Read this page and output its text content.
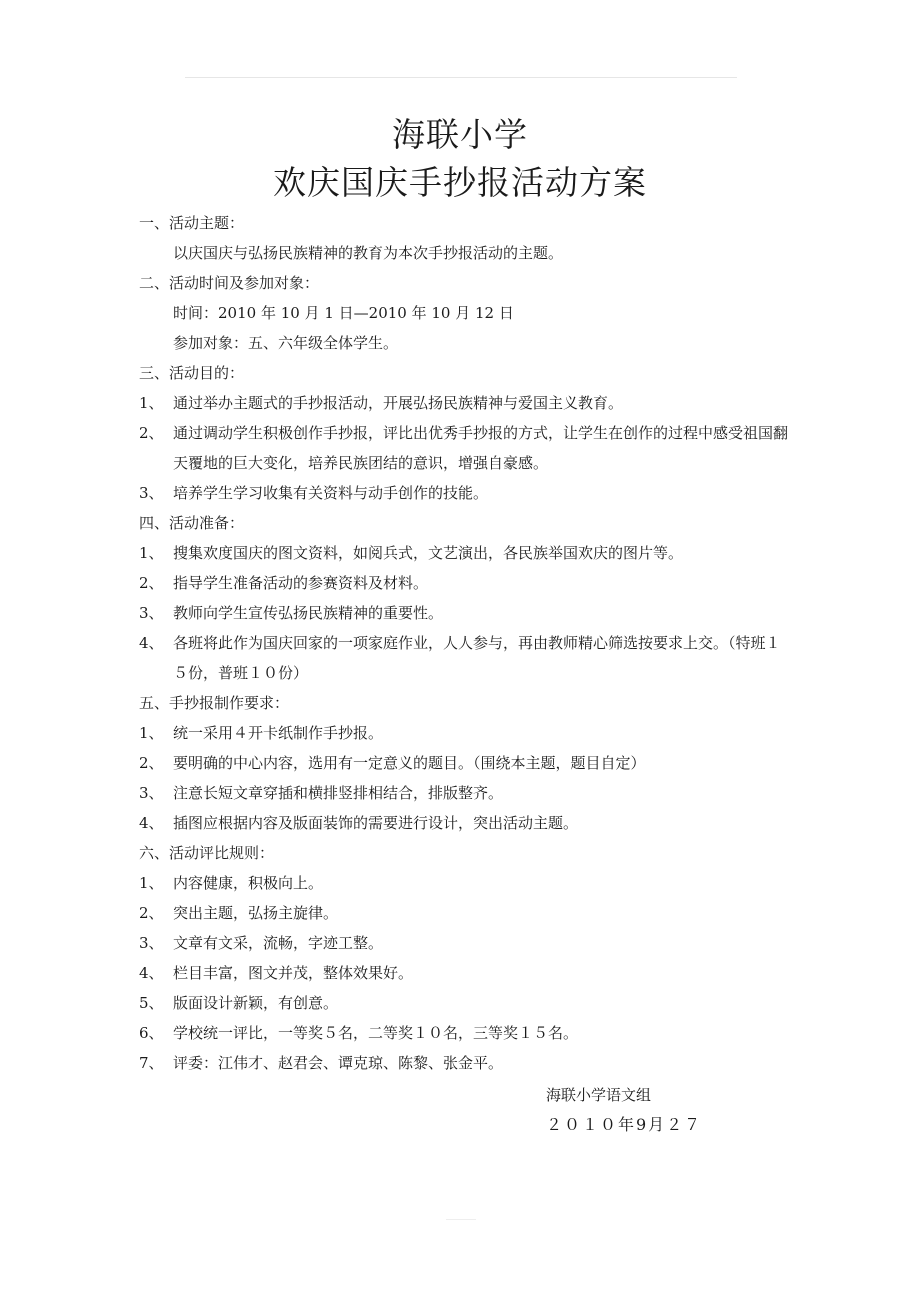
海联小学
欢庆国庆手抄报活动方案
一、活动主题：
以庆国庆与弘扬民族精神的教育为本次手抄报活动的主题。
二、活动时间及参加对象：
时间：2010 年 10 月 1 日—2010 年 10 月 12 日
参加对象：五、六年级全体学生。
三、活动目的：
1、 通过举办主题式的手抄报活动，开展弘扬民族精神与爱国主义教育。
2、 通过调动学生积极创作手抄报，评比出优秀手抄报的方式，让学生在创作的过程中感受祖国翻天覆地的巨大变化，培养民族团结的意识，增强自豪感。
3、 培养学生学习收集有关资料与动手创作的技能。
四、活动准备：
1、 搜集欢度国庆的图文资料，如阅兵式，文艺演出，各民族举国欢庆的图片等。
2、 指导学生准备活动的参赛资料及材料。
3、 教师向学生宣传弘扬民族精神的重要性。
4、 各班将此作为国庆回家的一项家庭作业，人人参与，再由教师精心筛选按要求上交。（特班１５份，普班１０份）
五、手抄报制作要求：
1、 统一采用４开卡纸制作手抄报。
2、 要明确的中心内容，选用有一定意义的题目。（围绕本主题，题目自定）
3、 注意长短文章穿插和横排竖排相结合，排版整齐。
4、 插图应根据内容及版面装饰的需要进行设计，突出活动主题。
六、活动评比规则：
1、 内容健康，积极向上。
2、 突出主题，弘扬主旋律。
3、 文章有文采，流畅，字迹工整。
4、 栏目丰富，图文并茂，整体效果好。
5、 版面设计新颖，有创意。
6、 学校统一评比，一等奖５名，二等奖１０名，三等奖１５名。
7、 评委：江伟才、赵君会、谭克琼、陈黎、张金平。
海联小学语文组
２０１０年9月２７
